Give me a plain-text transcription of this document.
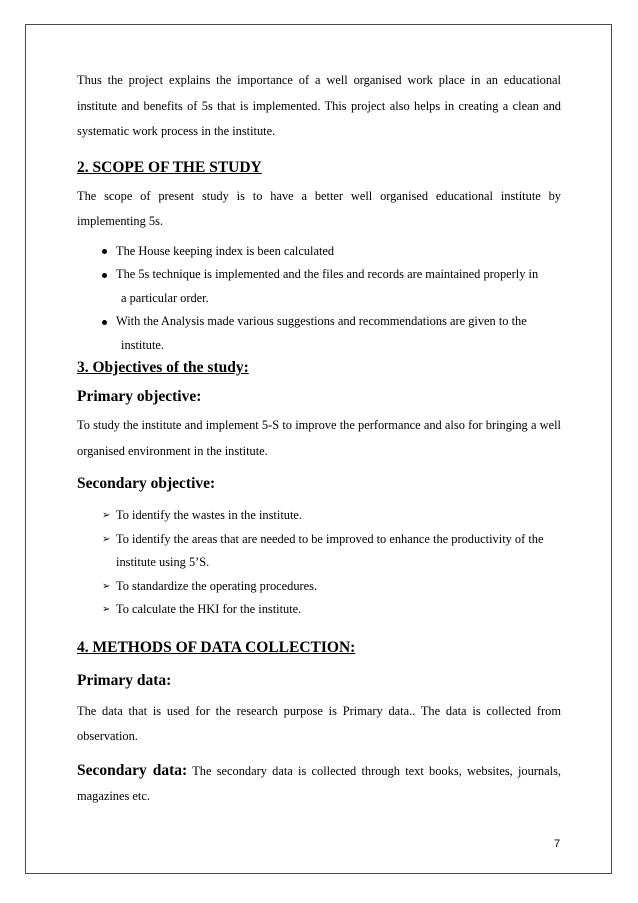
Thus the project explains the importance of a well organised work place in an educational institute and benefits of 5s that is implemented. This project also helps in creating a clean and systematic work process in the institute.

2. SCOPE OF THE STUDY

The scope of present study is to have a better well organised educational institute by implementing 5s.

The House keeping index is been calculated
The 5s technique is implemented and the files and records are maintained properly in
a particular order.
With the Analysis made various suggestions and recommendations are given to the
institute.

3. Objectives of the study:

Primary objective:

To study the institute and implement 5-S to improve the performance and also for bringing a well organised environment in the institute.

Secondary objective:

➢ To identify the wastes in the institute.
➢ To identify the areas that are needed to be improved to enhance the productivity of the
institute using 5’S.
➢ To standardize the operating procedures.
➢ To calculate the HKI for the institute.

4. METHODS OF DATA COLLECTION:

Primary data:

The data that is used for the research purpose is Primary data.. The data is collected from observation.

Secondary data: The secondary data is collected through text books, websites, journals, magazines etc.

7
